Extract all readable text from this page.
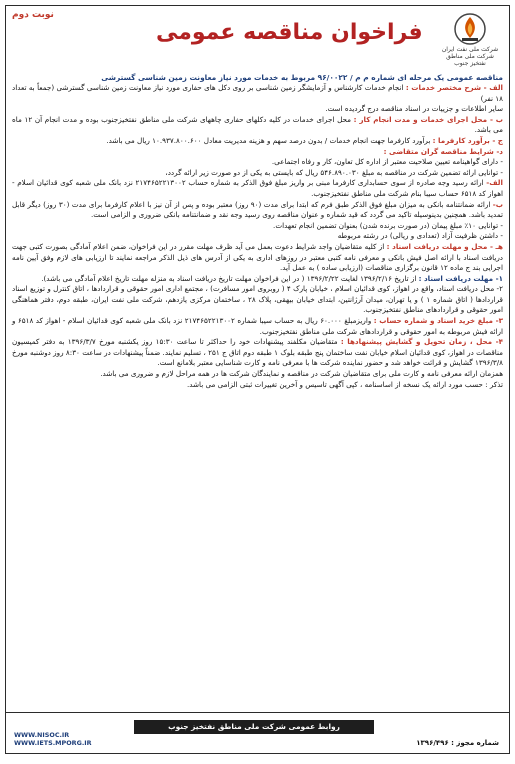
نوبت دوم
فراخوان مناقصه عمومی
شرکت ملی نفت ایران شرکت ملی مناطق نفتخیز جنوب
مناقصه عمومی یک مرحله ای شماره م م / ۹۶/۰۰۲۲ مربوط به خدمات مورد نیاز معاونت زمین شناسی گسترشی

الف - شرح مختصر خدمات : انجام خدمات کارشناس و آزمایشگر زمین شناسی بر روی دکل های حفاری مورد نیاز معاونت زمین شناسی گسترشی (جمعاً به تعداد ۱۸ نفر)

سایر اطلاعات و جزییات در اسناد مناقصه درج گردیده است.

ب - محل اجرای خدمات و مدت انجام کار : محل اجرای خدمات در کلیه دکلهای حفاری چاههای شرکت ملی مناطق نفتخیزجنوب بوده و مدت انجام آن ۱۲ ماه می باشد.

ج - برآورد کارفرما : برآورد کارفرما جهت انجام خدمات / بدون درصد سهم و هزینه مدیریت معادل ۱۰.۹۳۷.۸۰۰.۶۰۰ ریال می باشد.

د- شرایط مناقصه گران متقاضی :

- دارای گواهینامه تعیین صلاحیت معتبر از اداره کل تعاون، کار و رفاه اجتماعی.

- توانایی ارائه تضمین شرکت در مناقصه به مبلغ ۵۴۶.۸۹۰.۰۳۰ ریال که بایستی به یکی از دو صورت زیر ارائه گردد،

الف- ارائه رسید وجه صادره از سوی حسابداری کارفرما مبنی بر واریز مبلغ فوق الذکر به شماره حساب ۲۱۷۴۶۵۲۲۱۳۰۰۲ نزد بانک ملی شعبه کوی قدائیان اسلام - اهواز کد ۶۵۱۸ حساب سیبا بنام شرکت ملی مناطق نفتخیزجنوب.

ب- ارائه ضمانتنامه بانکی به میزان مبلغ فوق الذکر طبق فرم که ابتدا برای مدت (۹۰ روز) معتبر بوده و پس از آن نیز با اعلام کارفرما برای مدت (۳۰ روز) دیگر قابل تمدید باشد. همچنین بدینوسیله تاکید می گردد که قید شماره و عنوان مناقصه روی رسید وجه نقد و ضمانتنامه بانکی ضروری و الزامی است.

- توانایی ۱۰٪ مبلغ پیمان (در صورت برنده شدن) بعنوان تضمین انجام تعهدات.

- داشتن ظرفیت آزاد (تعدادی و ریالی) در رشته مربوطه

هـ - محل و مهلت دریافت اسناد : از کلیه متقاضیان واجد شرایط دعوت بعمل می آید ظرف مهلت مقرر در این فراخوان، ضمن اعلام آمادگی بصورت کتبی جهت دریافت اسناد با ارائه اصل فیش بانکی و معرفی نامه کتبی معتبر در روزهای اداری به یکی از آدرس های ذیل الذکر مراجعه نمایند تا ارزیابی های لازم وفق آیین نامه اجرایی بند ج ماده ۱۲ قانون برگزاری مناقصات (ارزیابی ساده ) به عمل آید.

۱- مهلت دریافت اسناد : از تاریخ ۱۳۹۶/۲/۱۶ لغایت ۱۳۹۶/۲/۲۲ ( در این فراخوان مهلت تاریخ دریافت اسناد به منزله مهلت تاریخ اعلام آمادگی می باشد).

۲- محل دریافت اسناد، واقع در اهواز، کوی قدائیان اسلام ، خیابان پارک ۴ ( روبروی امور مسافرت) ، مجتمع اداری امور حقوقی و قراردادها ، اتاق کنترل و توزیع اسناد قراردادها ( اتاق شماره ۱ ) و یا تهران، میدان آرژانتین، ابتدای خیابان بیهقی، پلاک ۲۸ ، ساختمان مرکزی یازدهم، شرکت ملی نفت ایران، طبقه دوم، دفتر هماهنگی امور حقوقی و قراردادهای مناطق نفتخیزجنوب.

۳- مبلغ خرید اسناد و شماره حساب : واریزمبلغ ۶۰.۰۰۰ ریال به حساب سیبا شماره ۲۱۷۴۶۵۲۲۱۳۰۰۲ نزد بانک ملی شعبه کوی قدائیان اسلام - اهواز کد ۶۵۱۸ و ارائه فیش مربوطه به امور حقوقی و قراردادهای شرکت ملی مناطق نفتخیزجنوب.

۴- محل ، زمان تحویل و گشایش پیشنهادها : متقاضیان مکلفند پیشنهادات خود را حداکثر تا ساعت ۱۵:۳۰ روز یکشنبه مورخ ۱۳۹۶/۳/۷ به دفتر کمیسیون مناقصات در اهواز، کوی قدائیان اسلام خیابان نفت ساختمان پنج طبقه بلوک ۱ طبقه دوم اتاق ج ۲۵۱ ، تسلیم نمایند. ضمناً پیشنهادات در ساعت ۸:۳۰ روز دوشنبه مورخ ۱۳۹۶/۳/۸ گشایش و قرائت خواهد شد و حضور نماینده شرکت ها با معرفی نامه و کارت شناسایی معتبر بلامانع است.

همزمان ارائه معرفی نامه و کارت ملی برای متقاضیان شرکت در مناقصه و نمایندگان شرکت ها در همه مراحل لازم و ضروری می باشد.

تذکر : حسب مورد ارائه یک نسخه از اساسنامه ، کپی آگهی تاسیس و آخرین تغییرات ثبتی الزامی می باشد.

روابط عمومی شرکت ملی مناطق نفتخیز جنوب
شماره مجوز : ۱۳۹۶/۴۹۶
WWW.NISOC.IR
WWW.IETS.MPORG.IR
